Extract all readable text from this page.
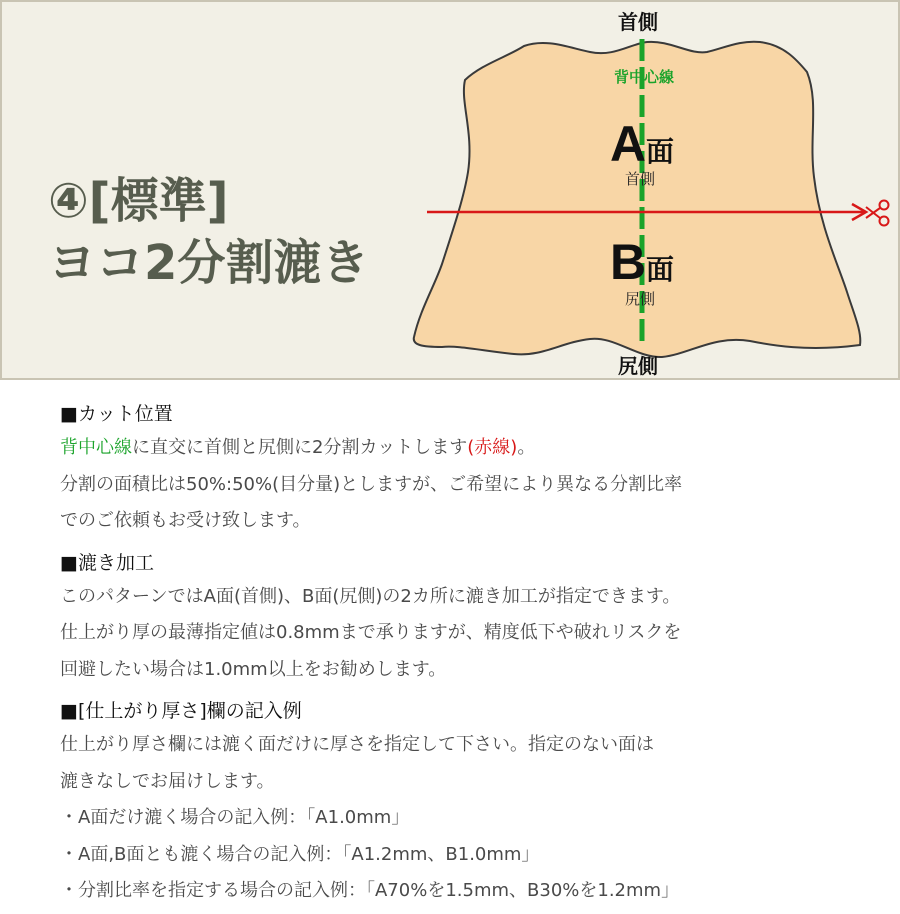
④[標準]
ヨコ2分割漉き
首側
尻側
背中心線
A面
首側
B面
尻側
■カット位置
背中心線に直交に首側と尻側に2分割カットします(赤線)。
分割の面積比は50%:50%(目分量)としますが、ご希望により異なる分割比率
でのご依頼もお受け致します。
■漉き加工
このパターンではA面(首側)、B面(尻側)の2カ所に漉き加工が指定できます。
仕上がり厚の最薄指定値は0.8mmまで承りますが、精度低下や破れリスクを
回避したい場合は1.0mm以上をお勧めします。
■[仕上がり厚さ]欄の記入例
仕上がり厚さ欄には漉く面だけに厚さを指定して下さい。指定のない面は
漉きなしでお届けします。
・A面だけ漉く場合の記入例：「A1.0mm」
・A面,B面とも漉く場合の記入例：「A1.2mm、B1.0mm」
・分割比率を指定する場合の記入例：「A70%を1.5mm、B30%を1.2mm」
